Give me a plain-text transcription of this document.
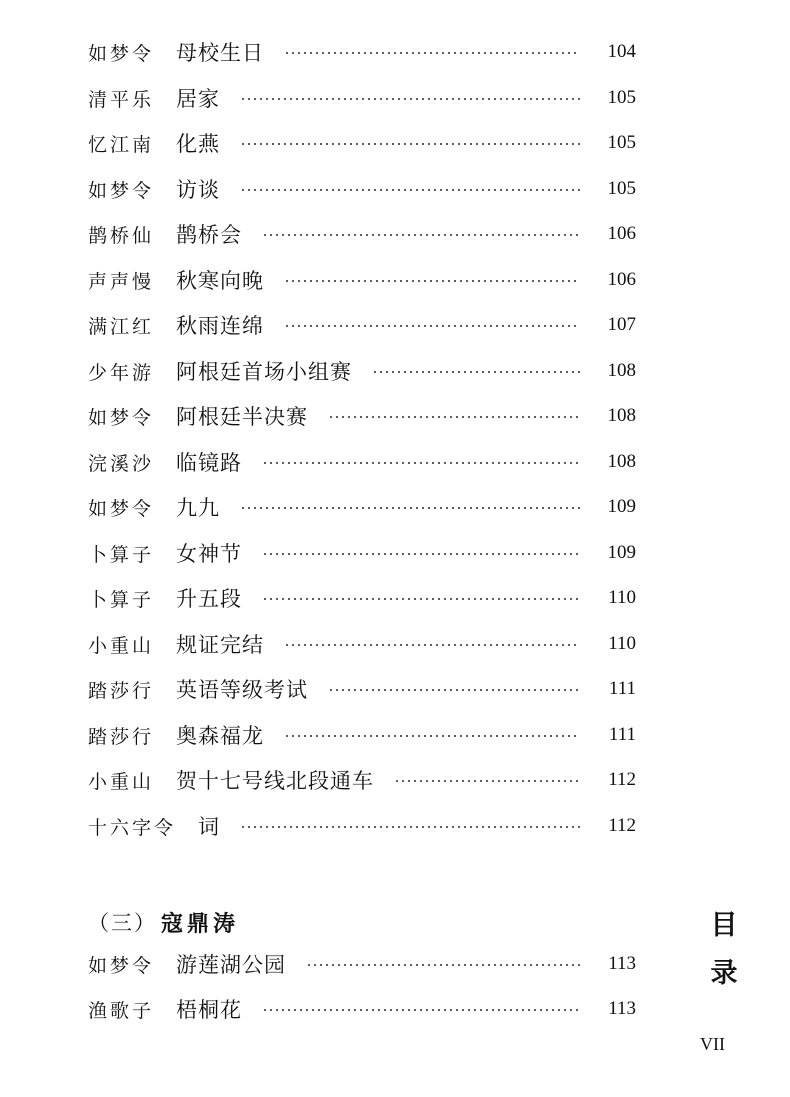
如梦令 母校生日	104
清平乐 居家	105
忆江南 化燕	105
如梦令 访谈	105
鹊桥仙 鹊桥会	106
声声慢 秋寒向晚	106
满江红 秋雨连绵	107
少年游 阿根廷首场小组赛	108
如梦令 阿根廷半决赛	108
浣溪沙 临镜路	108
如梦令 九九	109
卜算子 女神节	109
卜算子 升五段	110
小重山 规证完结	110
踏莎行 英语等级考试	111
踏莎行 奥森福龙	111
小重山 贺十七号线北段通车	112
十六字令 词	112
（三） 寇鼎涛
如梦令 游莲湖公园	113
渔歌子 梧桐花	113
目
录
VII
